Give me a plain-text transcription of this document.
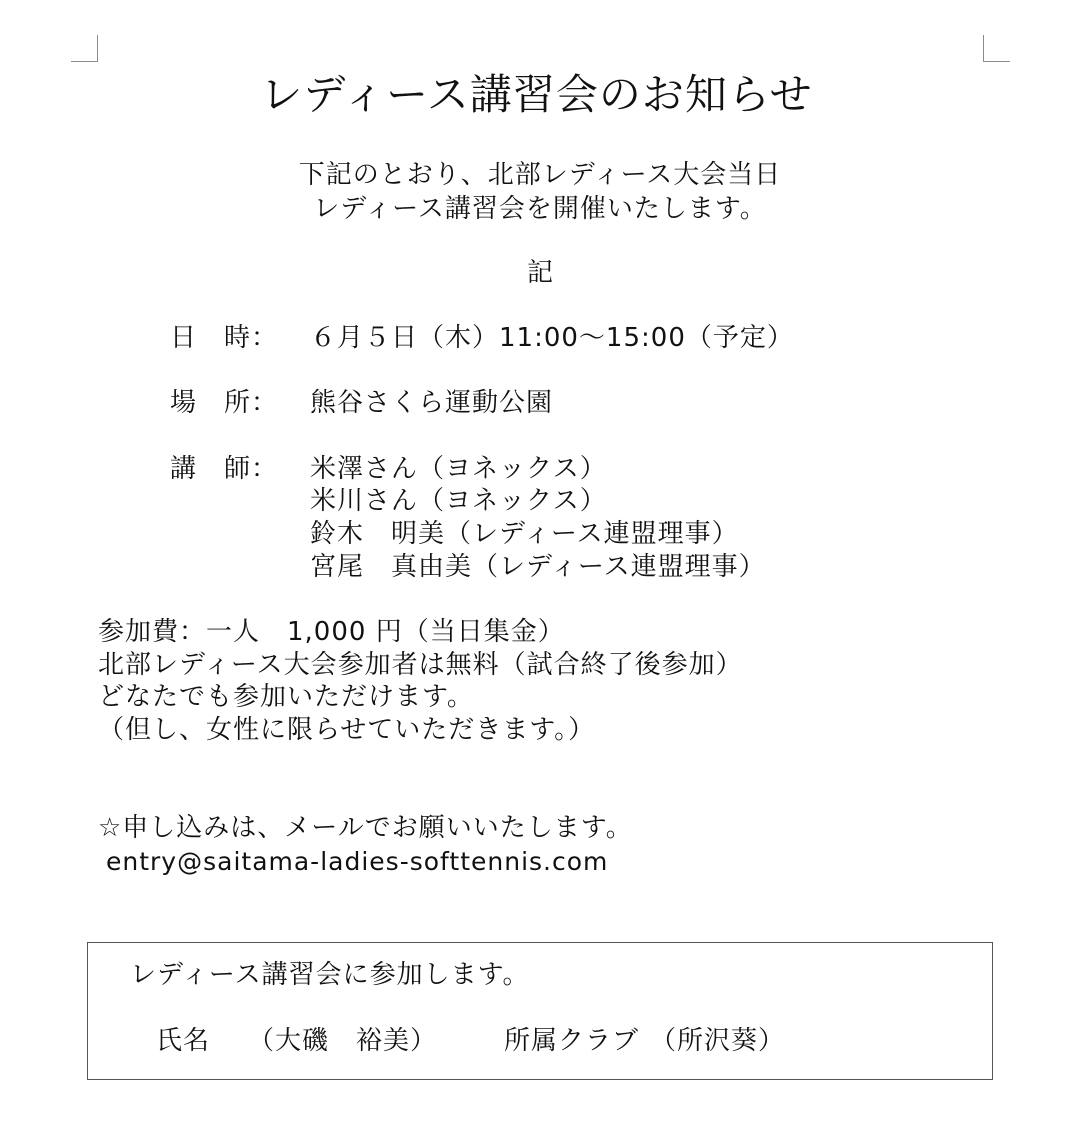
レディース講習会のお知らせ
下記のとおり、北部レディース大会当日
レディース講習会を開催いたします。
記
日　時： ６月５日（木）11:00〜15:00（予定）
場　所： 熊谷さくら運動公園
講　師： 米澤さん（ヨネックス）
米川さん（ヨネックス）
鈴木　明美（レディース連盟理事）
宮尾　真由美（レディース連盟理事）
参加費：一人　1,000 円（当日集金）
北部レディース大会参加者は無料（試合終了後参加）
どなたでも参加いただけます。
（但し、女性に限らせていただきます。）
☆申し込みは、メールでお願いいたします。
entry@saitama-ladies-softtennis.com
レディース講習会に参加します。
氏名 （大磯　裕美）	所属クラブ （所沢葵）
